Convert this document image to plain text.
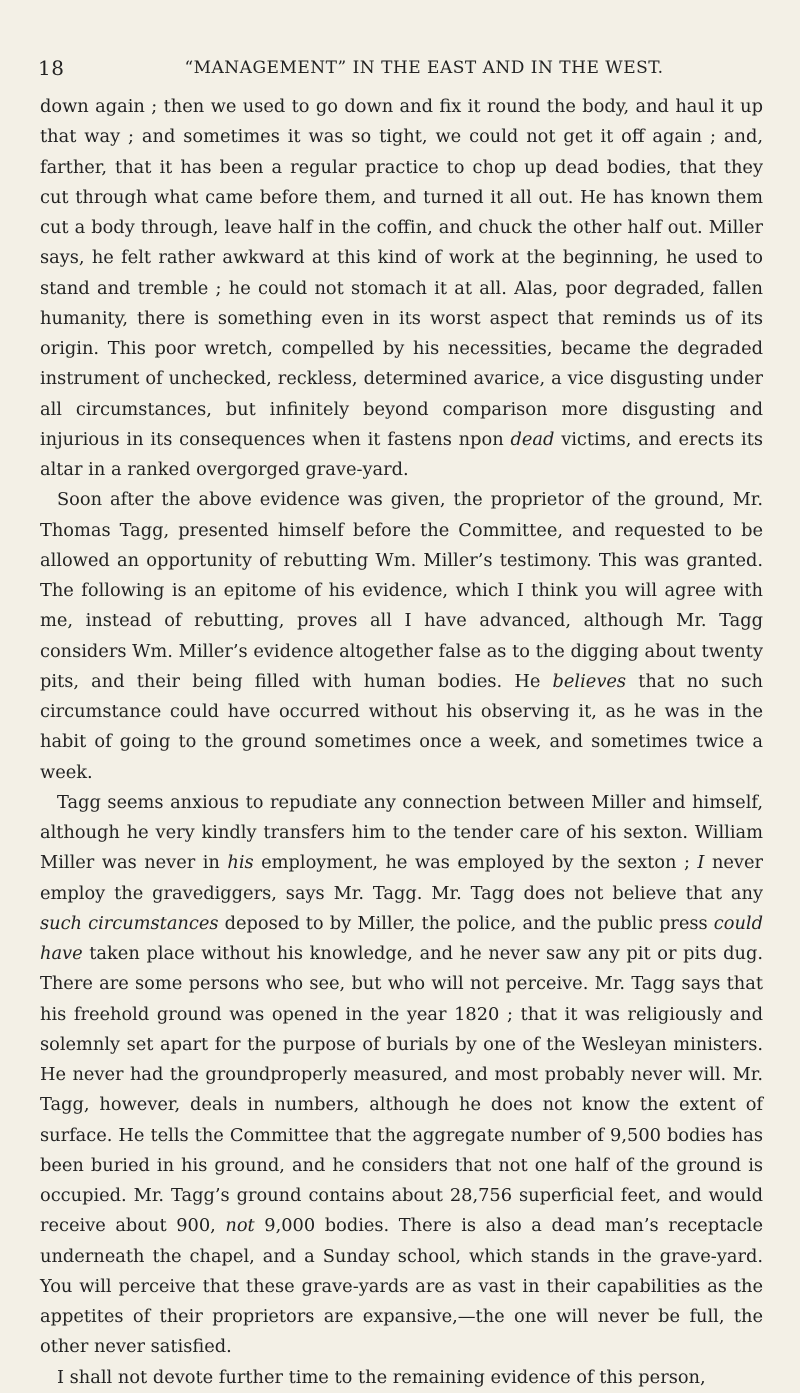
18	“MANAGEMENT” IN THE EAST AND IN THE WEST.

down again ; then we used to go down and fix it round the body, and haul it up that way ; and sometimes it was so tight, we could not get it off again ; and, farther, that it has been a regular practice to chop up dead bodies, that they cut through what came before them, and turned it all out. He has known them cut a body through, leave half in the coffin, and chuck the other half out. Miller says, he felt rather awkward at this kind of work at the beginning, he used to stand and tremble ; he could not stomach it at all. Alas, poor degraded, fallen humanity, there is something even in its worst aspect that reminds us of its origin. This poor wretch, compelled by his necessities, became the degraded instrument of unchecked, reckless, determined avarice, a vice disgusting under all circumstances, but infinitely beyond comparison more disgusting and injurious in its consequences when it fastens npon dead victims, and erects its altar in a ranked overgorged grave-yard.

Soon after the above evidence was given, the proprietor of the ground, Mr. Thomas Tagg, presented himself before the Committee, and requested to be allowed an opportunity of rebutting Wm. Miller’s testimony. This was granted. The following is an epitome of his evidence, which I think you will agree with me, instead of rebutting, proves all I have advanced, although Mr. Tagg considers Wm. Miller’s evidence altogether false as to the digging about twenty pits, and their being filled with human bodies. He believes that no such circumstance could have occurred without his observing it, as he was in the habit of going to the ground sometimes once a week, and sometimes twice a week.

Tagg seems anxious to repudiate any connection between Miller and himself, although he very kindly transfers him to the tender care of his sexton. William Miller was never in his employment, he was employed by the sexton ; I never employ the gravediggers, says Mr. Tagg. Mr. Tagg does not believe that any such circumstances deposed to by Miller, the police, and the public press could have taken place without his knowledge, and he never saw any pit or pits dug. There are some persons who see, but who will not perceive. Mr. Tagg says that his freehold ground was opened in the year 1820 ; that it was religiously and solemnly set apart for the purpose of burials by one of the Wesleyan ministers. He never had the groundproperly measured, and most probably never will. Mr. Tagg, however, deals in numbers, although he does not know the extent of surface. He tells the Committee that the aggregate number of 9,500 bodies has been buried in his ground, and he considers that not one half of the ground is occupied. Mr. Tagg’s ground contains about 28,756 superficial feet, and would receive about 900, not 9,000 bodies. There is also a dead man’s receptacle underneath the chapel, and a Sunday school, which stands in the grave-yard. You will perceive that these grave-yards are as vast in their capabilities as the appetites of their proprietors are expansive,—the one will never be full, the other never satisfied.

I shall not devote further time to the remaining evidence of this person,
